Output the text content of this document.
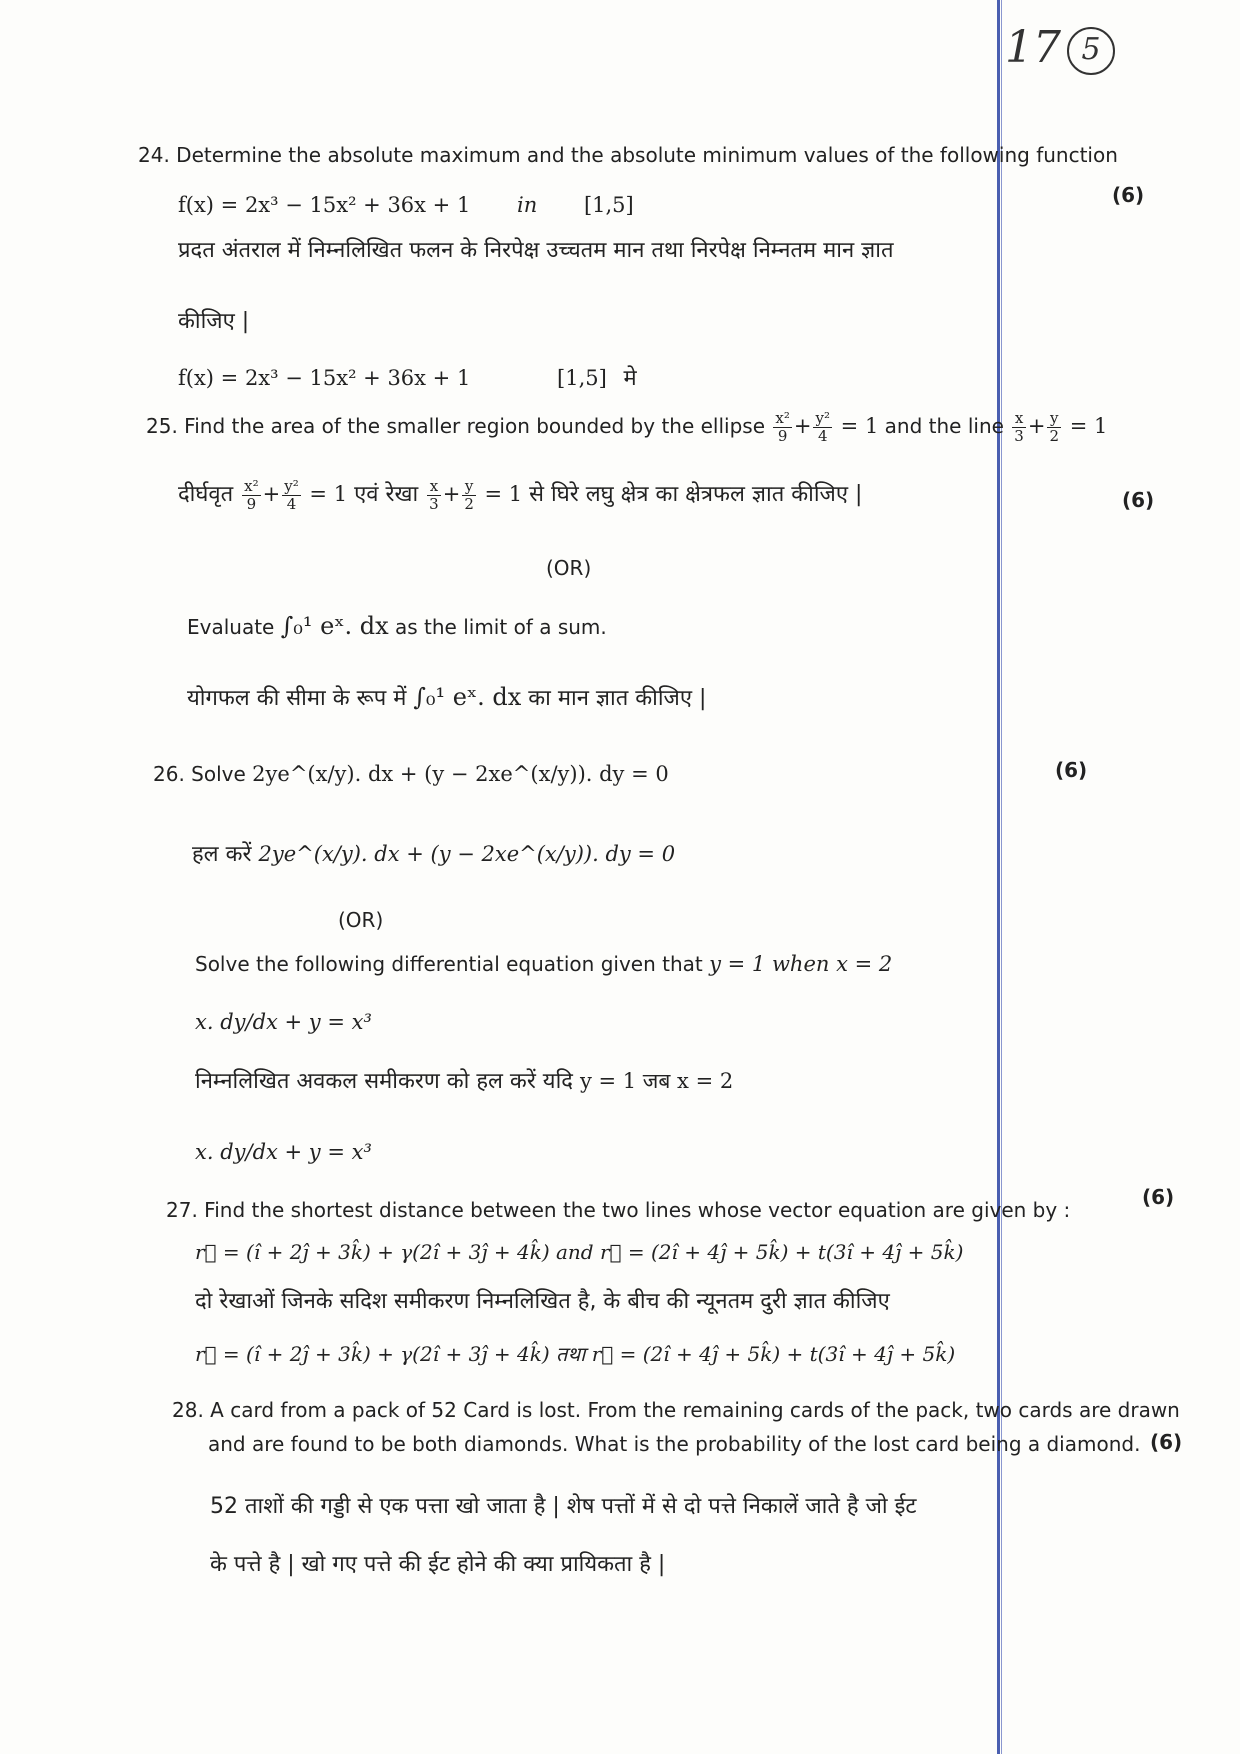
17 5
24. Determine the absolute maximum and the absolute minimum values of the following function
f(x) = 2x³ − 15x² + 36x + 1 in [1,5]	(6)
प्रदत अंतराल में निम्नलिखित फलन के निरपेक्ष उच्चतम मान तथा निरपेक्ष निम्नतम मान ज्ञात
कीजिए |
f(x) = 2x³ − 15x² + 36x + 1	[1,5] मे
25. Find the area of the smaller region bounded by the ellipse $\frac{\text{x²}}{9} + \frac{\text{y²}}{4} = 1$ and the line $\frac{x}{3} + \frac{y}{2} = 1$
दीर्घवृत $\frac{\text{x²}}{9} + \frac{\text{y²}}{4} = 1$ एवं रेखा $\frac{x}{3} + \frac{y}{2} = 1$ से घिरे लघु क्षेत्र का क्षेत्रफल ज्ञात कीजिए |	(6)
(OR)
Evaluate ∫₀¹ eˣ. dx as the limit of a sum.
योगफल की सीमा के रूप में ∫₀¹ eˣ. dx का मान ज्ञात कीजिए |
26. Solve 2ye^(x/y). dx + (y − 2xe^(x/y)). dy = 0	(6)
हल करें 2ye^(x/y). dx + (y − 2xe^(x/y)). dy = 0
(OR)
Solve the following differential equation given that y = 1 when x = 2
x. dy/dx + y = x³
निम्नलिखित अवकल समीकरण को हल करें यदि y = 1 जब x = 2
x. dy/dx + y = x³
27. Find the shortest distance between the two lines whose vector equation are given by :
(6)
r⃗ = (î + 2ĵ + 3k̂) + γ(2î + 3ĵ + 4k̂) and r⃗ = (2î + 4ĵ + 5k̂) + t(3î + 4ĵ + 5k̂)
दो रेखाओं जिनके सदिश समीकरण निम्नलिखित है, के बीच की न्यूनतम दुरी ज्ञात कीजिए
r⃗ = (î + 2ĵ + 3k̂) + γ(2î + 3ĵ + 4k̂) तथा r⃗ = (2î + 4ĵ + 5k̂) + t(3î + 4ĵ + 5k̂)
28. A card from a pack of 52 Card is lost. From the remaining cards of the pack, two cards are drawn
and are found to be both diamonds. What is the probability of the lost card being a diamond. (6)
52 ताशों की गड्डी से एक पत्ता खो जाता है | शेष पत्तों में से दो पत्ते निकालें जाते है जो ईट
के पत्ते है | खो गए पत्ते की ईट होने की क्या प्रायिकता है |
